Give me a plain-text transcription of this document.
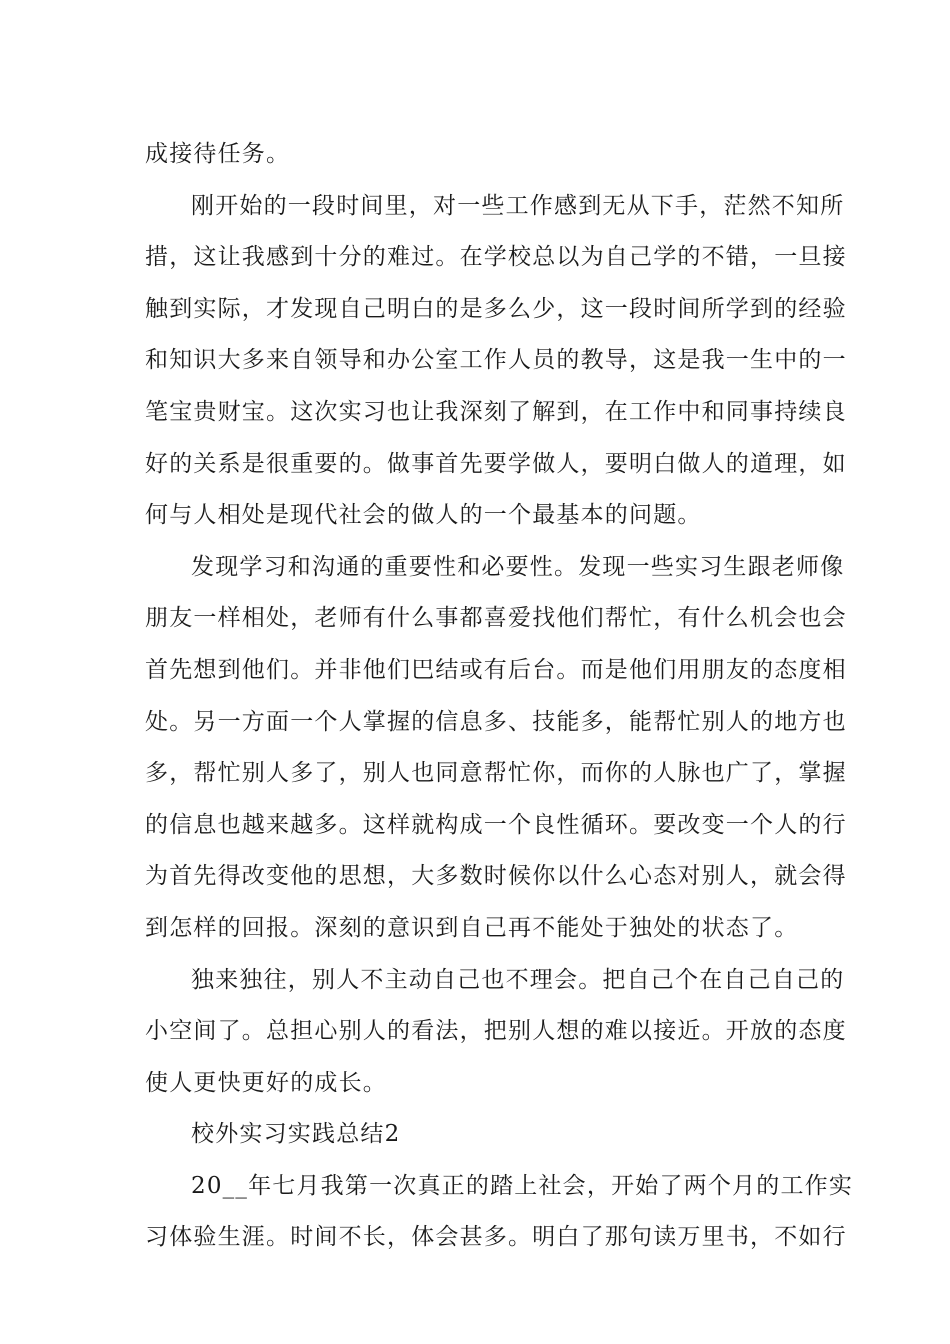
成接待任务。
刚开始的一段时间里，对一些工作感到无从下手，茫然不知所
措，这让我感到十分的难过。在学校总以为自己学的不错，一旦接
触到实际，才发现自己明白的是多么少，这一段时间所学到的经验
和知识大多来自领导和办公室工作人员的教导，这是我一生中的一
笔宝贵财宝。这次实习也让我深刻了解到，在工作中和同事持续良
好的关系是很重要的。做事首先要学做人，要明白做人的道理，如
何与人相处是现代社会的做人的一个最基本的问题。
发现学习和沟通的重要性和必要性。发现一些实习生跟老师像
朋友一样相处，老师有什么事都喜爱找他们帮忙，有什么机会也会
首先想到他们。并非他们巴结或有后台。而是他们用朋友的态度相
处。另一方面一个人掌握的信息多、技能多，能帮忙别人的地方也
多，帮忙别人多了，别人也同意帮忙你，而你的人脉也广了，掌握
的信息也越来越多。这样就构成一个良性循环。要改变一个人的行
为首先得改变他的思想，大多数时候你以什么心态对别人，就会得
到怎样的回报。深刻的意识到自己再不能处于独处的状态了。
独来独往，别人不主动自己也不理会。把自己个在自己自己的
小空间了。总担心别人的看法，把别人想的难以接近。开放的态度
使人更快更好的成长。
校外实习实践总结2
20__年七月我第一次真正的踏上社会，开始了两个月的工作实
习体验生涯。时间不长，体会甚多。明白了那句读万里书，不如行
